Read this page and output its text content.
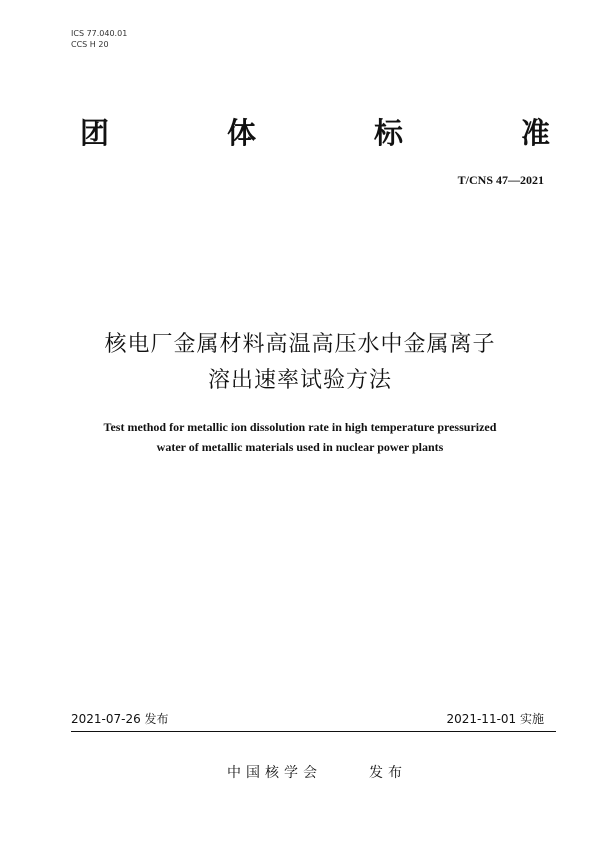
ICS 77.040.01
CCS H 20
团	体	标	准
T/CNS 47—2021
核电厂金属材料高温高压水中金属离子
溶出速率试验方法
Test method for metallic ion dissolution rate in high temperature pressurized
water of metallic materials used in nuclear power plants
2021-07-26 发布	2021-11-01 实施
中国核学会	发布
